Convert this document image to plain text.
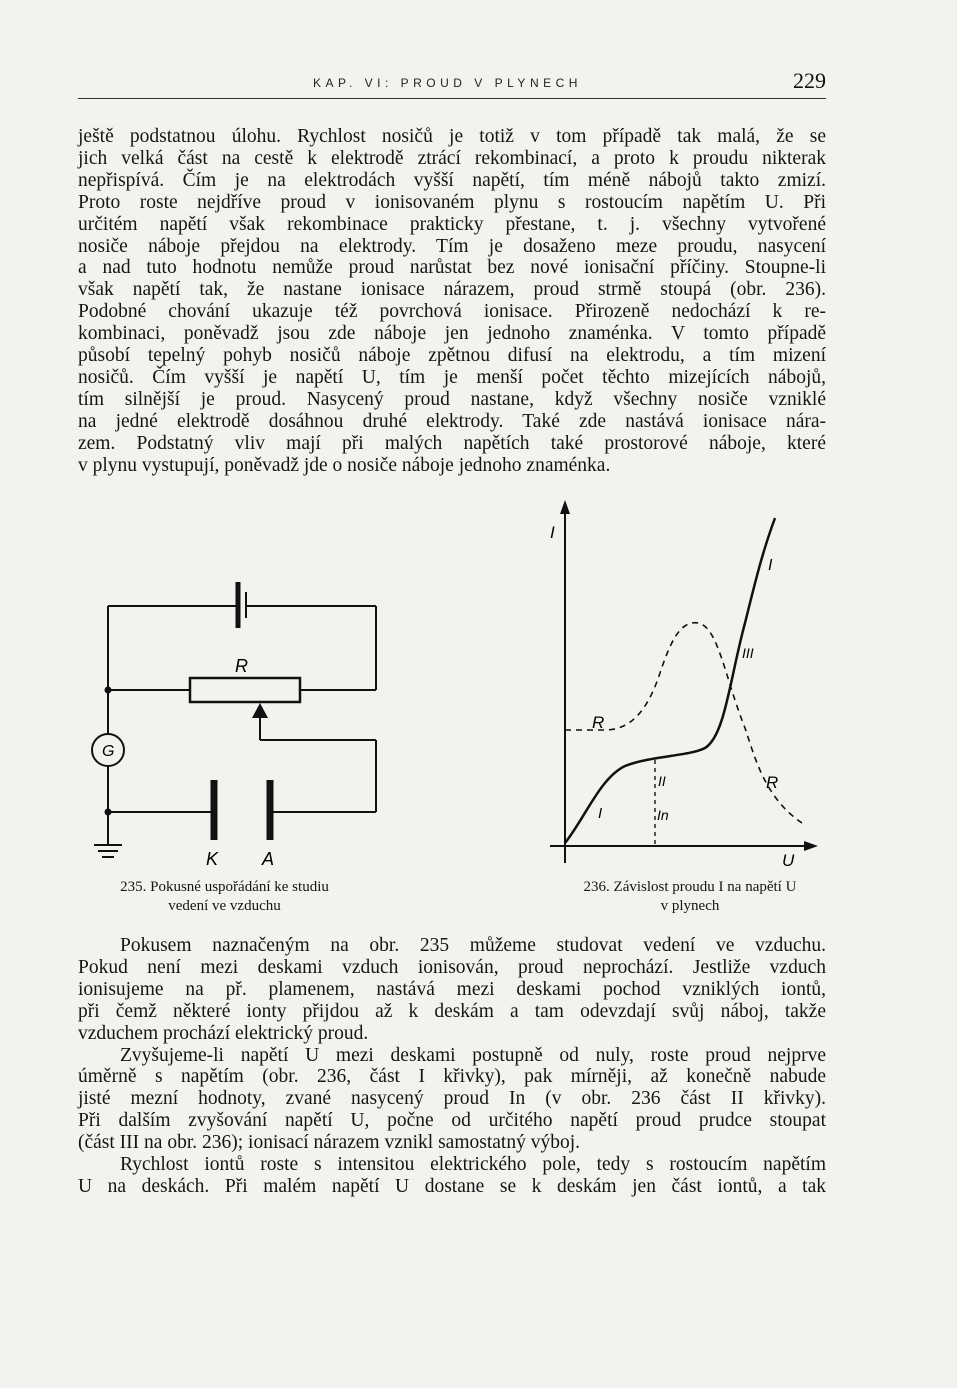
KAP. VI: PROUD V PLYNECH	229
ještě podstatnou úlohu. Rychlost nosičů je totiž v tom případě tak malá, že se
jich velká část na cestě k elektrodě ztrácí rekombinací, a proto k proudu nikterak
nepřispívá. Čím je na elektrodách vyšší napětí, tím méně nábojů takto zmizí.
Proto roste nejdříve proud v ionisovaném plynu s rostoucím napětím U. Při
určitém napětí však rekombinace prakticky přestane, t. j. všechny vytvořené
nosiče náboje přejdou na elektrody. Tím je dosaženo meze proudu, nasycení
a nad tuto hodnotu nemůže proud narůstat bez nové ionisační příčiny. Stoupne-li
však napětí tak, že nastane ionisace nárazem, proud strmě stoupá (obr. 236).
Podobné chování ukazuje též povrchová ionisace. Přirozeně nedochází k re-
kombinaci, poněvadž jsou zde náboje jen jednoho znaménka. V tomto případě
působí tepelný pohyb nosičů náboje zpětnou difusí na elektrodu, a tím mizení
nosičů. Čím vyšší je napětí U, tím je menší počet těchto mizejících nábojů,
tím silnější je proud. Nasycený proud nastane, když všechny nosiče vzniklé
na jedné elektrodě dosáhnou druhé elektrody. Také zde nastává ionisace nára-
zem. Podstatný vliv mají při malých napětích také prostorové náboje, které
v plynu vystupují, poněvadž jde o nosiče náboje jednoho znaménka.
R
G
K A
235. Pokusné uspořádání ke studiu
vedení ve vzduchu
I
U
I
III
R
II	R
I	In
236. Závislost proudu I na napětí U
v plynech
Pokusem naznačeným na obr. 235 můžeme studovat vedení ve vzduchu.
Pokud není mezi deskami vzduch ionisován, proud neprochází. Jestliže vzduch
ionisujeme na př. plamenem, nastává mezi deskami pochod vzniklých iontů,
při čemž některé ionty přijdou až k deskám a tam odevzdají svůj náboj, takže
vzduchem prochází elektrický proud.
Zvyšujeme-li napětí U mezi deskami postupně od nuly, roste proud nejprve
úměrně s napětím (obr. 236, část I křivky), pak mírněji, až konečně nabude
jisté mezní hodnoty, zvané nasycený proud In (v obr. 236 část II křivky).
Při dalším zvyšování napětí U, počne od určitého napětí proud prudce stoupat
(část III na obr. 236); ionisací nárazem vznikl samostatný výboj.
Rychlost iontů roste s intensitou elektrického pole, tedy s rostoucím napětím
U na deskách. Při malém napětí U dostane se k deskám jen část iontů, a tak
